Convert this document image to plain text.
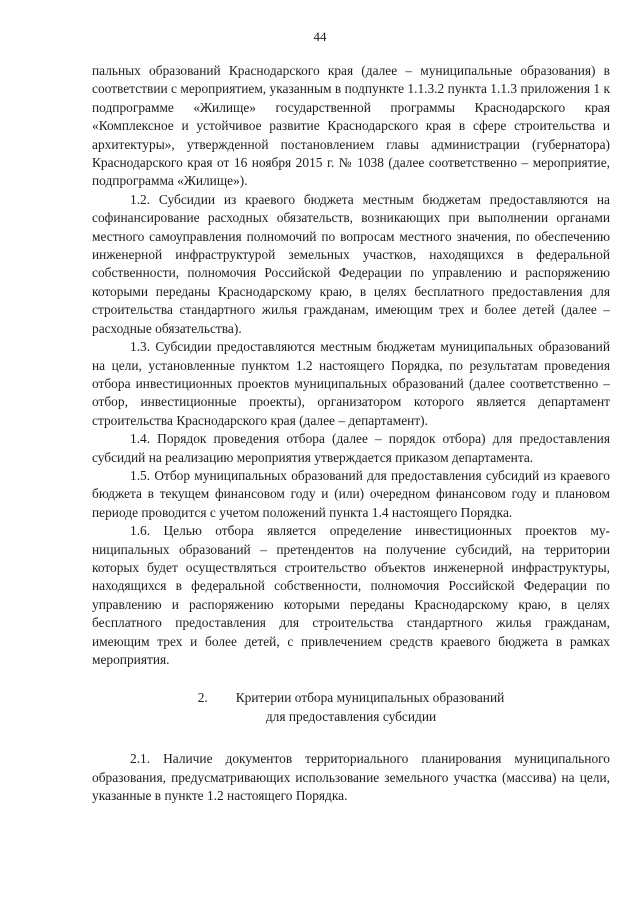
44

пальных образований Краснодарского края (далее – муниципальные образования) в соответствии с мероприятием, указанным в подпункте 1.1.3.2 пункта 1.1.3 приложения 1 к подпрограмме «Жилище» государственной программы Краснодарского края «Комплексное и устойчивое развитие Краснодарского края в сфере строительства и архитектуры», утвержденной постановлением главы администрации (губернатора) Краснодарского края от 16 ноября 2015 г. № 1038 (далее соответственно – мероприятие, подпрограмма «Жилище»).

1.2. Субсидии из краевого бюджета местным бюджетам предоставляются на софинансирование расходных обязательств, возникающих при выполнении органами местного самоуправления полномочий по вопросам местного значения, по обеспечению инженерной инфраструктурой земельных участков, находящихся в федеральной собственности, полномочия Российской Федерации по управлению и распоряжению которыми переданы Краснодарскому краю, в целях бесплатного предоставления для строительства стандартного жилья гражданам, имеющим трех и более детей (далее – расходные обязательства).

1.3. Субсидии предоставляются местным бюджетам муниципальных образований на цели, установленные пунктом 1.2 настоящего Порядка, по результатам проведения отбора инвестиционных проектов муниципальных образований (далее соответственно – отбор, инвестиционные проекты), организатором которого является департамент строительства Краснодарского края (далее – департамент).

1.4. Порядок проведения отбора (далее – порядок отбора) для предоставления субсидий на реализацию мероприятия утверждается приказом департамента.

1.5. Отбор муниципальных образований для предоставления субсидий из краевого бюджета в текущем финансовом году и (или) очередном финансовом году и плановом периоде проводится с учетом положений пункта 1.4 настоящего Порядка.

1.6. Целью отбора является определение инвестиционных проектов муниципальных образований – претендентов на получение субсидий, на территории которых будет осуществляться строительство объектов инженерной инфраструктуры, находящихся в федеральной собственности, полномочия Российской Федерации по управлению и распоряжению которыми переданы Краснодарскому краю, в целях бесплатного предоставления для строительства стандартного жилья гражданам, имеющим трех и более детей, с привлечением средств краевого бюджета в рамках мероприятия.

2. Критерии отбора муниципальных образований
для предоставления субсидии

2.1. Наличие документов территориального планирования муниципального образования, предусматривающих использование земельного участка (массива) на цели, указанные в пункте 1.2 настоящего Порядка.
